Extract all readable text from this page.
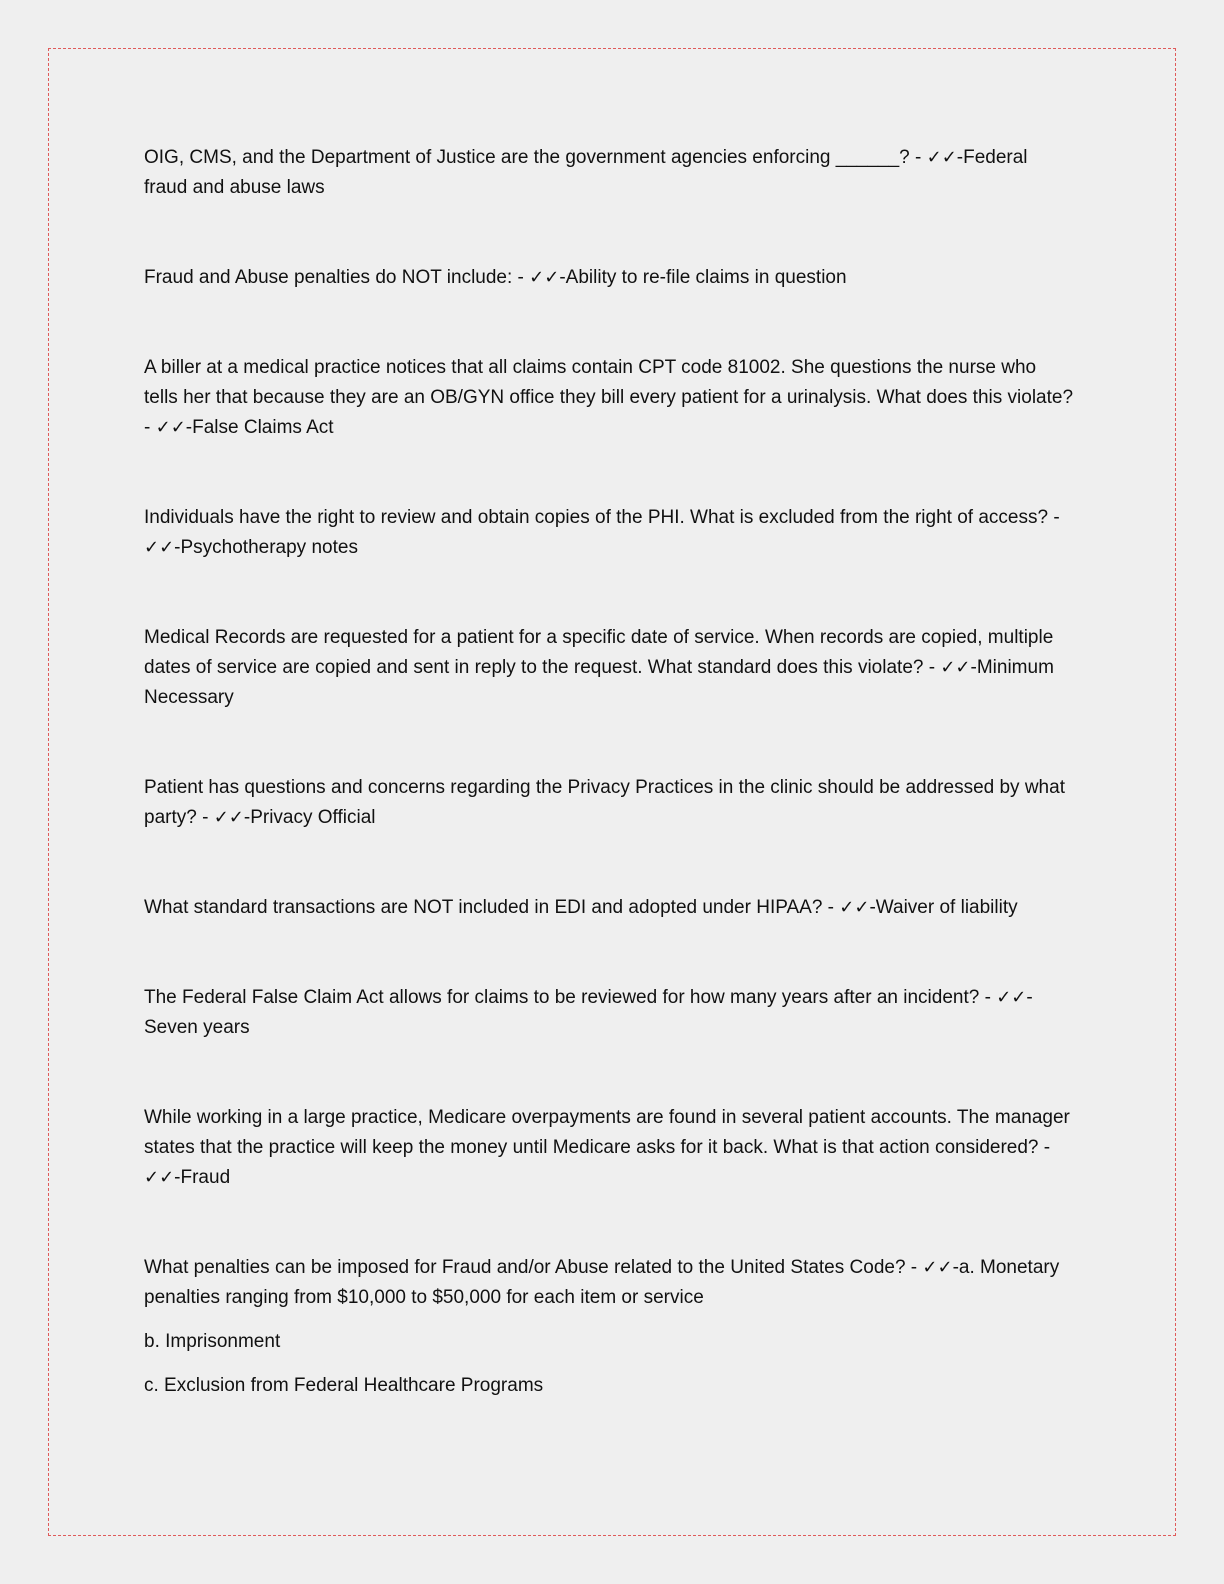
OIG, CMS, and the Department of Justice are the government agencies enforcing ______? - ✓✓-Federal fraud and abuse laws

Fraud and Abuse penalties do NOT include: - ✓✓-Ability to re-file claims in question

A biller at a medical practice notices that all claims contain CPT code 81002. She questions the nurse who tells her that because they are an OB/GYN office they bill every patient for a urinalysis. What does this violate? - ✓✓-False Claims Act

Individuals have the right to review and obtain copies of the PHI. What is excluded from the right of access? - ✓✓-Psychotherapy notes

Medical Records are requested for a patient for a specific date of service. When records are copied, multiple dates of service are copied and sent in reply to the request. What standard does this violate? - ✓✓-Minimum Necessary

Patient has questions and concerns regarding the Privacy Practices in the clinic should be addressed by what party? - ✓✓-Privacy Official

What standard transactions are NOT included in EDI and adopted under HIPAA? - ✓✓-Waiver of liability

The Federal False Claim Act allows for claims to be reviewed for how many years after an incident? - ✓✓-Seven years

While working in a large practice, Medicare overpayments are found in several patient accounts. The manager states that the practice will keep the money until Medicare asks for it back. What is that action considered? - ✓✓-Fraud

What penalties can be imposed for Fraud and/or Abuse related to the United States Code? - ✓✓-a. Monetary penalties ranging from $10,000 to $50,000 for each item or service

b. Imprisonment

c. Exclusion from Federal Healthcare Programs
